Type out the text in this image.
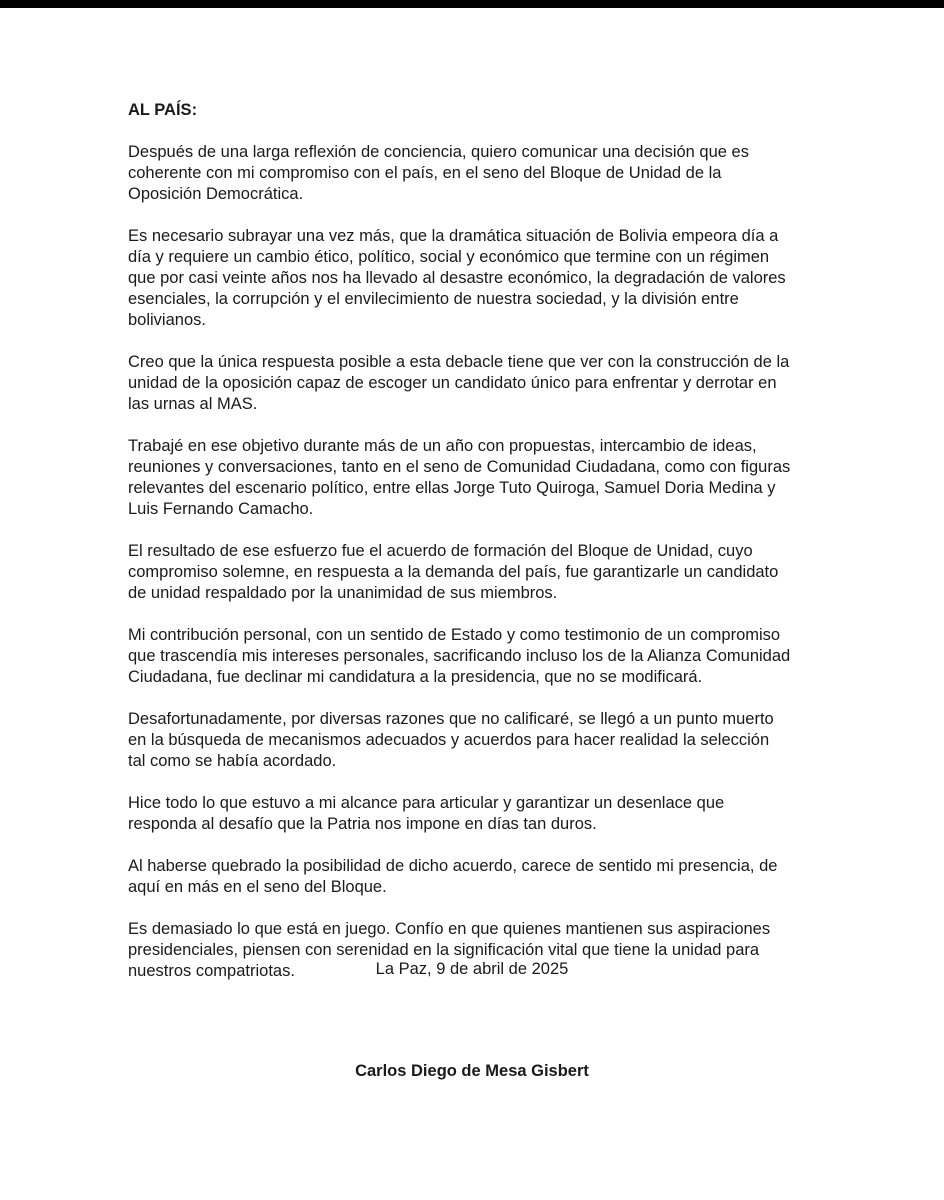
AL PAÍS:

Después de una larga reflexión de conciencia, quiero comunicar una decisión que es
coherente con mi compromiso con el país, en el seno del Bloque de Unidad de la
Oposición Democrática.

Es necesario subrayar una vez más, que la dramática situación de Bolivia empeora día a
día y requiere un cambio ético, político, social y económico que termine con un régimen
que por casi veinte años nos ha llevado al desastre económico, la degradación de valores
esenciales, la corrupción y el envilecimiento de nuestra sociedad, y la división entre
bolivianos.

Creo que la única respuesta posible a esta debacle tiene que ver con la construcción de la
unidad de la oposición capaz de escoger un candidato único para enfrentar y derrotar en
las urnas al MAS.

Trabajé en ese objetivo durante más de un año con propuestas, intercambio de ideas,
reuniones y conversaciones, tanto en el seno de Comunidad Ciudadana, como con figuras
relevantes del escenario político, entre ellas Jorge Tuto Quiroga, Samuel Doria Medina y
Luis Fernando Camacho.

El resultado de ese esfuerzo fue el acuerdo de formación del Bloque de Unidad, cuyo
compromiso solemne, en respuesta a la demanda del país, fue garantizarle un candidato
de unidad respaldado por la unanimidad de sus miembros.

Mi contribución personal, con un sentido de Estado y como testimonio de un compromiso
que trascendía mis intereses personales, sacrificando incluso los de la Alianza Comunidad
Ciudadana, fue declinar mi candidatura a la presidencia, que no se modificará.

Desafortunadamente, por diversas razones que no calificaré, se llegó a un punto muerto
en la búsqueda de mecanismos adecuados y acuerdos para hacer realidad la selección
tal como se había acordado.

Hice todo lo que estuvo a mi alcance para articular y garantizar un desenlace que
responda al desafío que la Patria nos impone en días tan duros.

Al haberse quebrado la posibilidad de dicho acuerdo, carece de sentido mi presencia, de
aquí en más en el seno del Bloque.

Es demasiado lo que está en juego. Confío en que quienes mantienen sus aspiraciones
presidenciales, piensen con serenidad en la significación vital que tiene la unidad para
nuestros compatriotas.	La Paz, 9 de abril de 2025
Carlos Diego de Mesa Gisbert
